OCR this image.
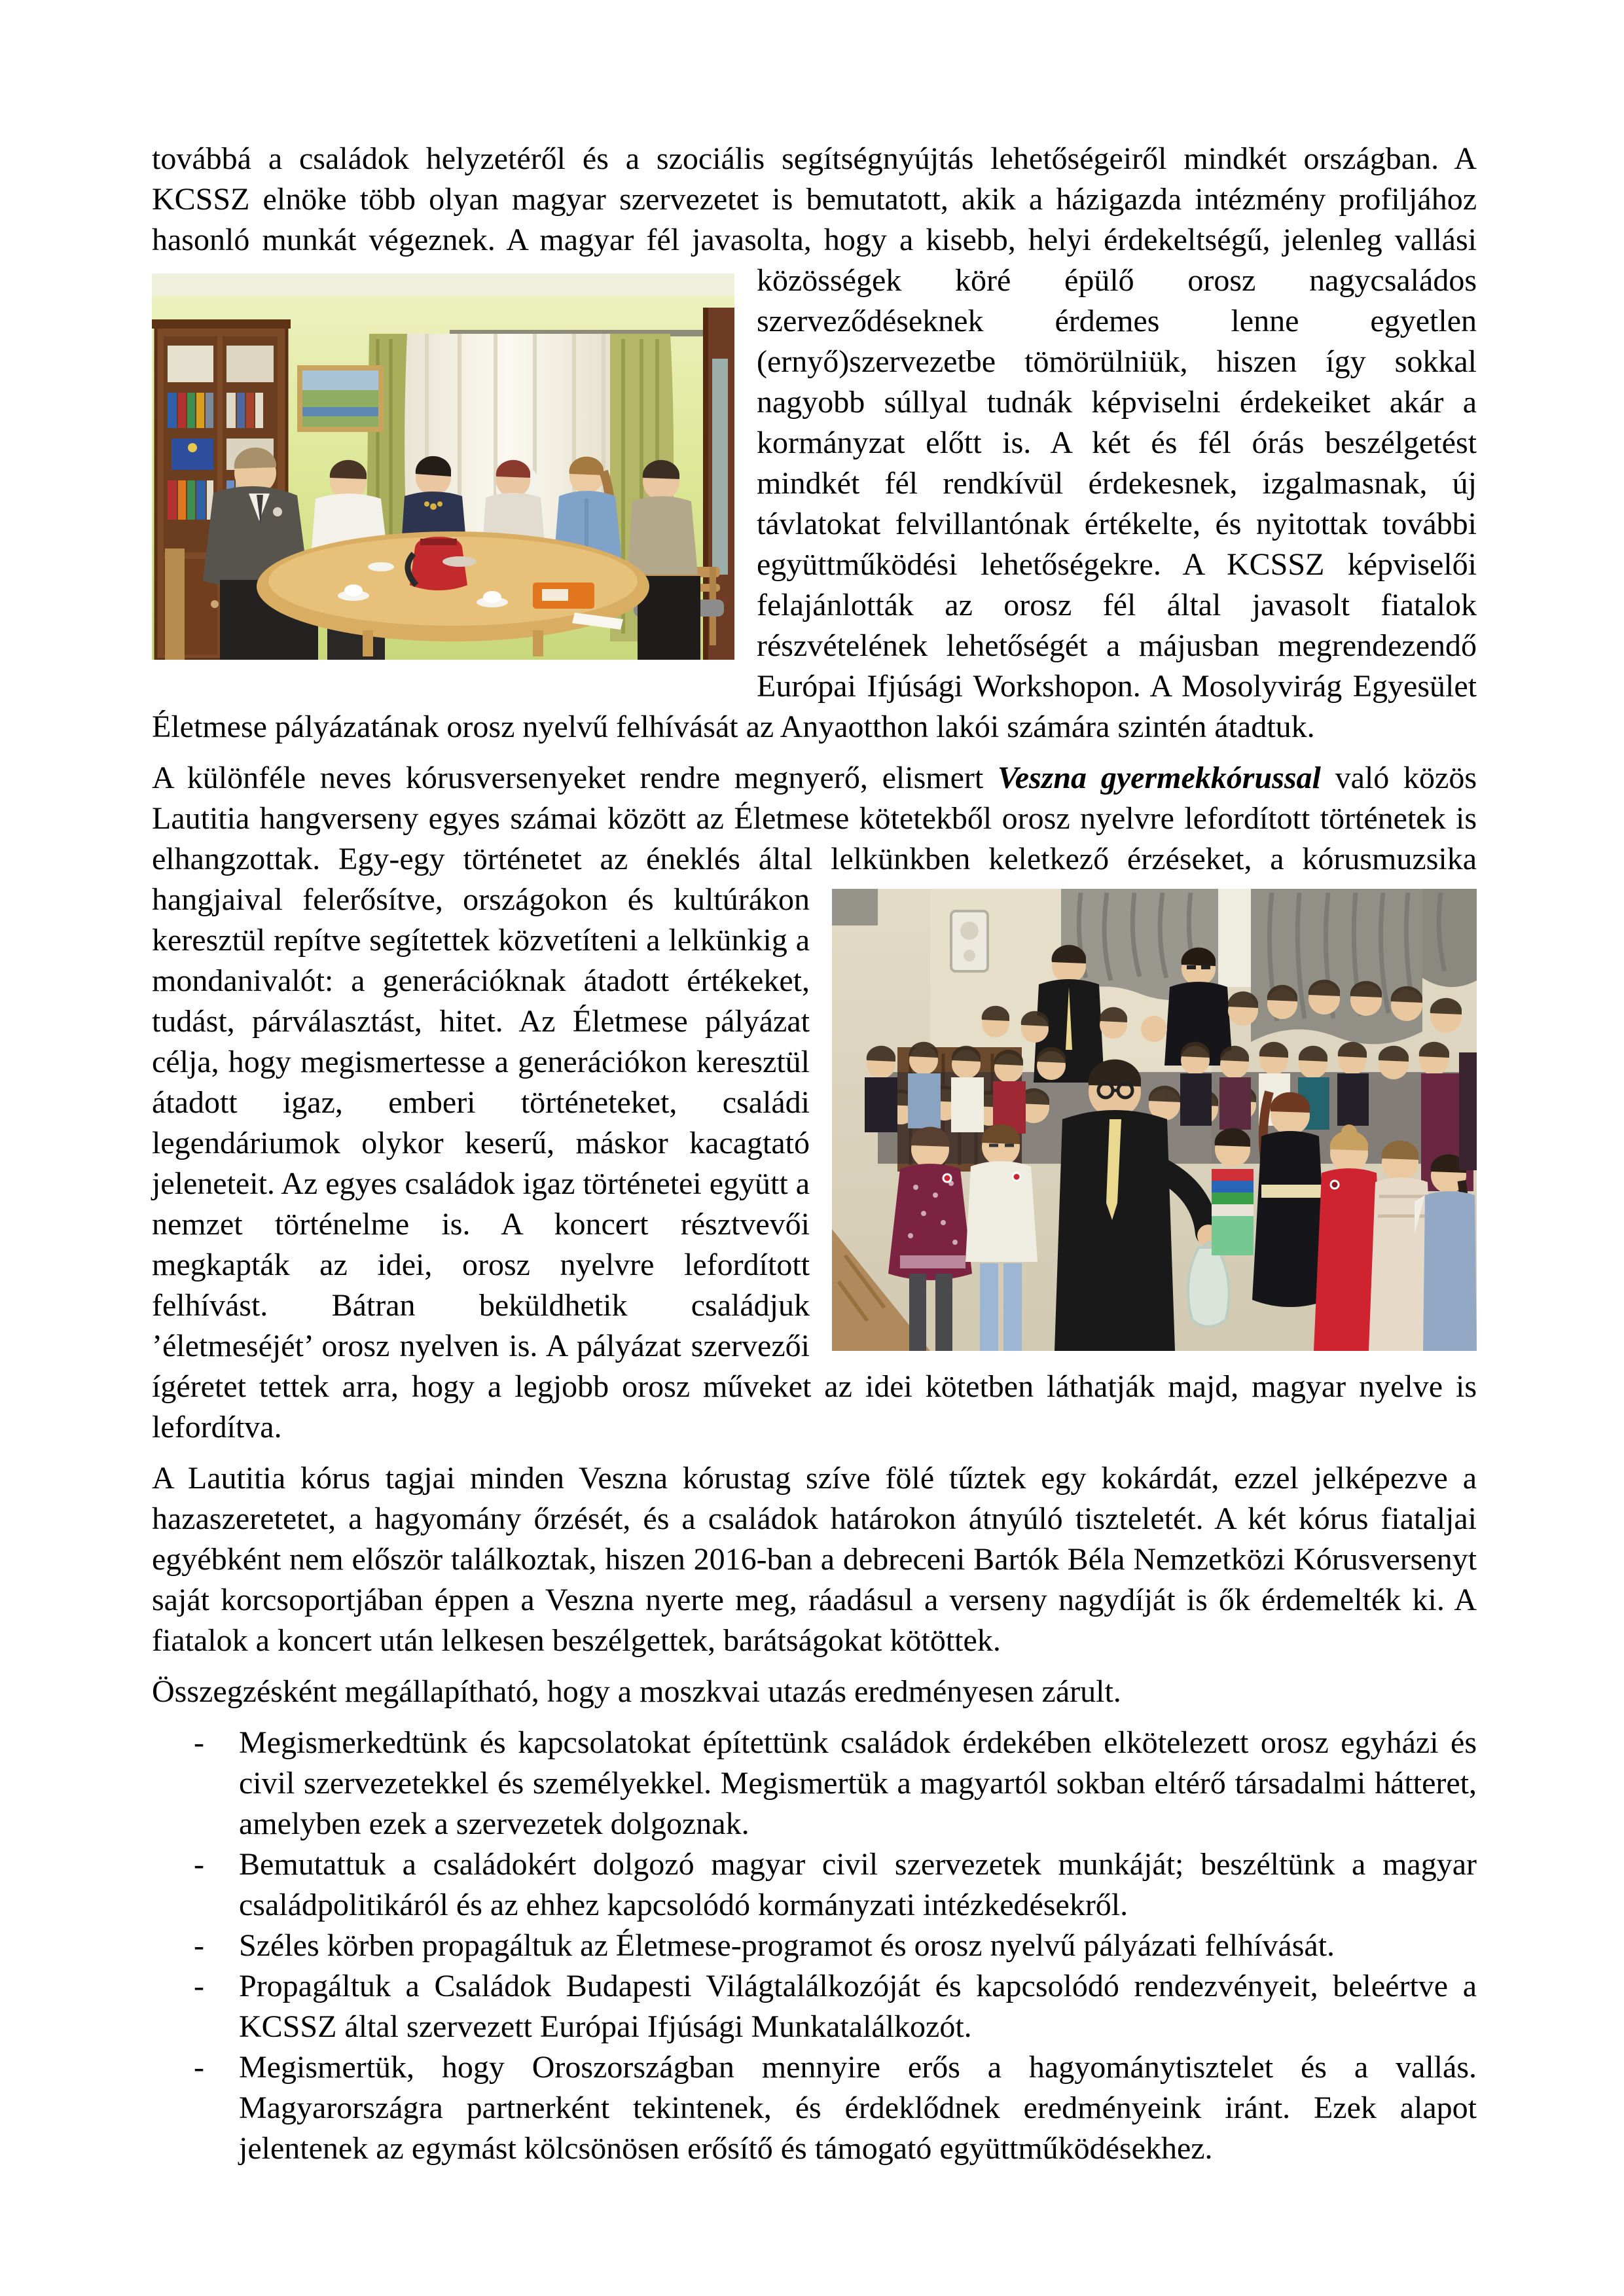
továbbá a családok helyzetéről és a szociális segítségnyújtás lehetőségeiről mindkét országban. A KCSSZ elnöke több olyan magyar szervezetet is bemutatott, akik a házigazda intézmény profiljához hasonló munkát végeznek. A magyar fél javasolta, hogy a kisebb, helyi érdekeltségű, jelenleg vallási közösségek köré épülő orosz nagycsaládos szerveződéseknek érdemes lenne egyetlen (ernyő)szervezetbe tömörülniük, hiszen így sokkal nagyobb súllyal tudnák képviselni érdekeiket akár a kormányzat előtt is. A két és fél órás beszélgetést mindkét fél rendkívül érdekesnek, izgalmasnak, új távlatokat felvillantónak értékelte, és nyitottak további együttműködési lehetőségekre. A KCSSZ képviselői felajánlották az orosz fél által javasolt fiatalok részvételének lehetőségét a májusban megrendezendő Európai Ifjúsági Workshopon. A Mosolyvirág Egyesület Életmese pályázatának orosz nyelvű felhívását az Anyaotthon lakói számára szintén átadtuk.

A különféle neves kórusversenyeket rendre megnyerő, elismert Veszna gyermekkórussal való közös Lautitia hangverseny egyes számai között az Életmese kötetekből orosz nyelvre lefordított történetek is elhangzottak. Egy-egy történetet az éneklés által lelkünkben keletkező érzéseket, a kórusmuzsika hangjaival felerősítve, országokon és kultúrákon keresztül repítve segítettek közvetíteni a lelkünkig a mondanivalót: a generációknak átadott értékeket, tudást, párválasztást, hitet. Az Életmese pályázat célja, hogy megismertesse a generációkon keresztül átadott igaz, emberi történeteket, családi legendáriumok olykor keserű, máskor kacagtató jeleneteit. Az egyes családok igaz történetei együtt a nemzet történelme is. A koncert résztvevői megkapták az idei, orosz nyelvre lefordított felhívást. Bátran beküldhetik családjuk ’életmeséjét’ orosz nyelven is. A pályázat szervezői ígéretet tettek arra, hogy a legjobb orosz műveket az idei kötetben láthatják majd, magyar nyelve is lefordítva.

A Lautitia kórus tagjai minden Veszna kórustag szíve fölé tűztek egy kokárdát, ezzel jelképezve a hazaszeretetet, a hagyomány őrzését, és a családok határokon átnyúló tiszteletét. A két kórus fiataljai egyébként nem először találkoztak, hiszen 2016-ban a debreceni Bartók Béla Nemzetközi Kórusversenyt saját korcsoportjában éppen a Veszna nyerte meg, ráadásul a verseny nagydíját is ők érdemelték ki. A fiatalok a koncert után lelkesen beszélgettek, barátságokat kötöttek.

Összegzésként megállapítható, hogy a moszkvai utazás eredményesen zárult.

-	Megismerkedtünk és kapcsolatokat építettünk családok érdekében elkötelezett orosz egyházi és civil szervezetekkel és személyekkel. Megismertük a magyartól sokban eltérő társadalmi hátteret, amelyben ezek a szervezetek dolgoznak.
-	Bemutattuk a családokért dolgozó magyar civil szervezetek munkáját; beszéltünk a magyar családpolitikáról és az ehhez kapcsolódó kormányzati intézkedésekről.
-	Széles körben propagáltuk az Életmese-programot és orosz nyelvű pályázati felhívását.
-	Propagáltuk a Családok Budapesti Világtalálkozóját és kapcsolódó rendezvényeit, beleértve a KCSSZ által szervezett Európai Ifjúsági Munkatalálkozót.
-	Megismertük, hogy Oroszországban mennyire erős a hagyománytisztelet és a vallás. Magyarországra partnerként tekintenek, és érdeklődnek eredményeink iránt. Ezek alapot jelentenek az egymást kölcsönösen erősítő és támogató együttműködésekhez.
